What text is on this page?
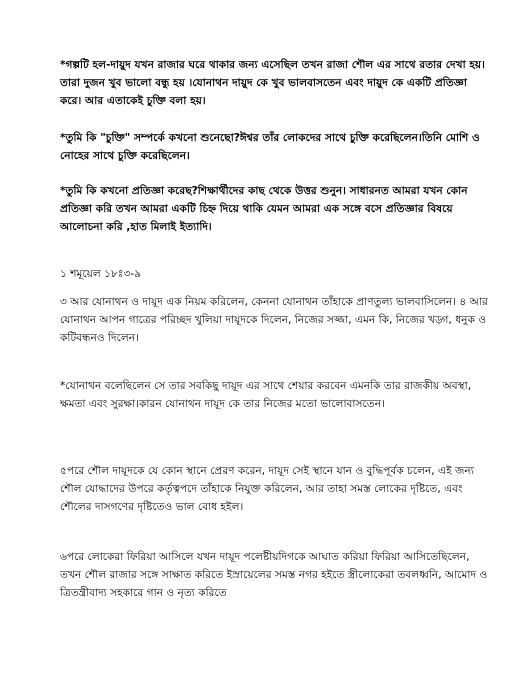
*গল্পটি হল-দায়ুদ যখন রাজার ঘরে থাকার জন্য এসেছিল তখন রাজা শৌল এর সাথে রতার দেখা হয়।তারা দুজন খুব ভালো বন্ধু হয় ।যোনাথন দায়ুদ কে খুব ভালবাসতেন এবং দায়ুদ কে একটি প্রতিজ্ঞা করে। আর এতাকেই চুক্তি বলা হয়।

*তুমি কি "চুক্তি" সম্পর্কে কখনো শুনেছো?ঈশ্বর তাঁর লোকদের সাথে চুক্তি করেছিলেন।তিনি মোশি ও নোহের সাথে চুক্তি করেছিলেন।

*তুমি কি কখনো প্রতিজ্ঞা করেছ?শিক্ষার্থীদের কাছ থেকে উত্তর শুনুন। সাধারনত আমরা যখন কোন প্রতিজ্ঞা করি তখন আমরা একটি চিহ্ন দিয়ে থাকি যেমন আমরা এক সঙ্গে বসে প্রতিজ্ঞার বিষয়ে আলোচনা করি ,হাত মিলাই ইত্যাদি।

১ শমূয়েল ১৮ঃ৩-৯

৩ আর যোনাথন ও দায়ূদ এক নিয়ম করিলেন, কেননা যোনাথন তাঁহাকে প্রাণতুল্য ভালবাসিলেন। ৪ আর যোনাথন আপন গাত্রের পরিচ্ছদ খুলিয়া দায়ূদকে দিলেন, নিজের সজ্জা, এমন কি, নিজের খড়্গ, ধনুক ও কটিবন্ধনও দিলেন।

*যোনাথন বলেছিলেন সে তার সবকিছু দায়ূদ এর সাথে শেয়ার করবেন এমনকি তার রাজকীয় অবস্থা, ক্ষমতা এবং সুরক্ষা।কারন যোনাথন দায়ূদ কে তার নিজের মতো ভালোবাসতেন।

৫পরে শৌল দায়ূদকে যে কোন স্থানে প্রেরণ করেন, দায়ূদ সেই স্থানে যান ও বুদ্ধিপূর্বক চলেন, এই জন্য শৌল যোদ্ধাদের উপরে কর্তৃত্বপদে তাঁহাকে নিযুক্ত করিলেন, আর তাহা সমস্ত লোকের দৃষ্টিতে, এবং শৌলের দাসগণের দৃষ্টিতেও ভাল বোধ হইল।

৬পরে লোকেরা ফিরিয়া আসিলে যখন দায়ূদ পলেষ্টীয়দিগকে আঘাত করিয়া ফিরিয়া আসিতেছিলেন, তখন শৌল রাজার সঙ্গে সাক্ষাত করিতে ইস্রায়েলের সমস্ত নগর হইতে স্ত্রীলোকেরা তবলধ্বনি, আমোদ ও ত্রিতন্ত্রীবাদ্য সহকারে গান ও নৃত্য করিতে
